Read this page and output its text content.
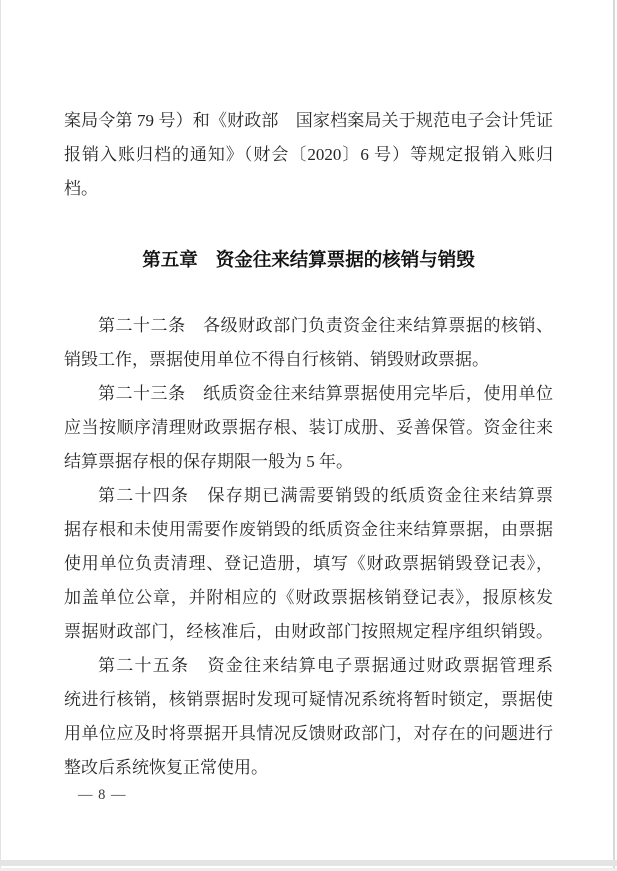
案局令第 79 号）和《财政部　国家档案局关于规范电子会计凭证
报销入账归档的通知》（财会〔2020〕6 号）等规定报销入账归
档。
第五章 资金往来结算票据的核销与销毁
第二十二条　各级财政部门负责资金往来结算票据的核销、
销毁工作，票据使用单位不得自行核销、销毁财政票据。
第二十三条　纸质资金往来结算票据使用完毕后，使用单位
应当按顺序清理财政票据存根、装订成册、妥善保管。资金往来
结算票据存根的保存期限一般为 5 年。
第二十四条　保存期已满需要销毁的纸质资金往来结算票
据存根和未使用需要作废销毁的纸质资金往来结算票据，由票据
使用单位负责清理、登记造册，填写《财政票据销毁登记表》，
加盖单位公章，并附相应的《财政票据核销登记表》，报原核发
票据财政部门，经核准后，由财政部门按照规定程序组织销毁。
第二十五条　资金往来结算电子票据通过财政票据管理系
统进行核销，核销票据时发现可疑情况系统将暂时锁定，票据使
用单位应及时将票据开具情况反馈财政部门，对存在的问题进行
整改后系统恢复正常使用。
— 8 —
